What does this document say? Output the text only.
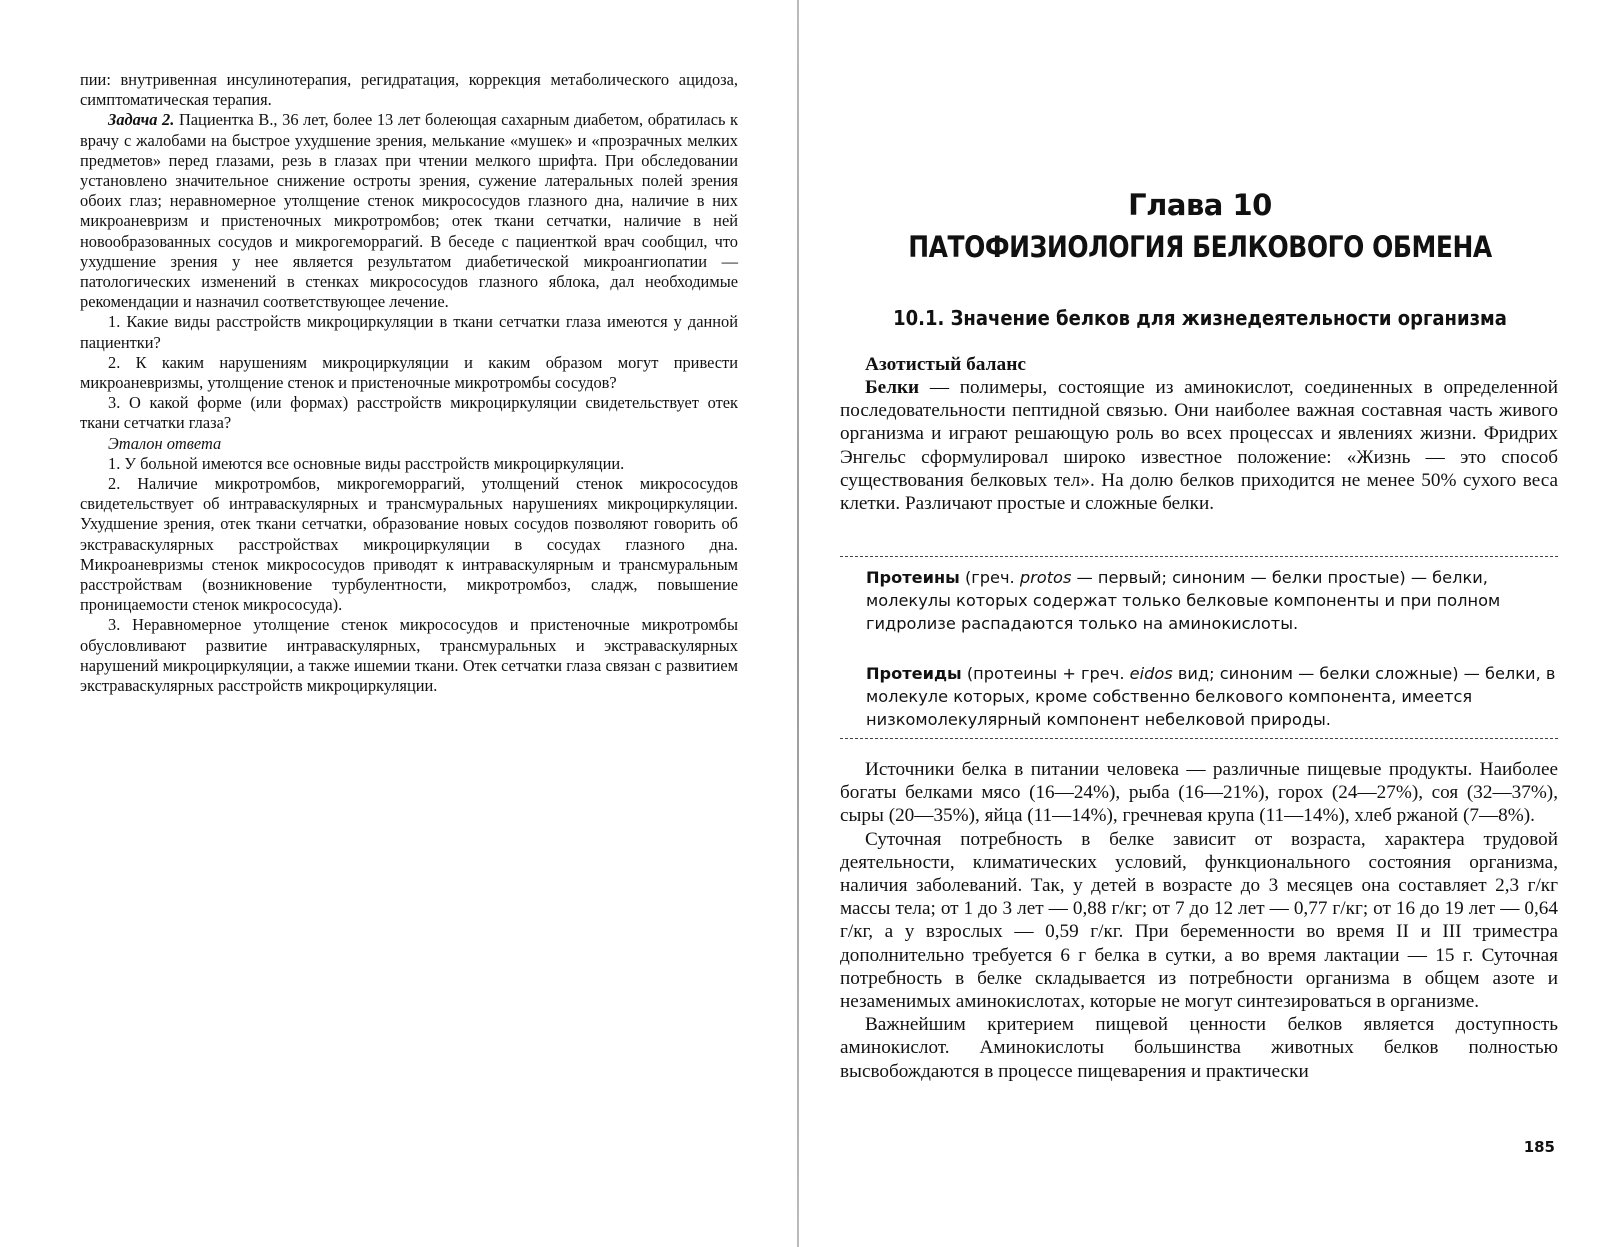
пии: внутривенная инсулинотерапия, регидратация, коррекция метаболического ацидоза, симптоматическая терапия.

Задача 2. Пациентка В., 36 лет, более 13 лет болеющая сахарным диабетом, обратилась к врачу с жалобами на быстрое ухудшение зрения, мелькание «мушек» и «прозрачных мелких предметов» перед глазами, резь в глазах при чтении мелкого шрифта. При обследовании установлено значительное снижение остроты зрения, сужение латеральных полей зрения обоих глаз; неравномерное утолщение стенок микрососудов глазного дна, наличие в них микроаневризм и пристеночных микротромбов; отек ткани сетчатки, наличие в ней новообразованных сосудов и микрогеморрагий. В беседе с пациенткой врач сообщил, что ухудшение зрения у нее является результатом диабетической микроангиопатии — патологических изменений в стенках микрососудов глазного яблока, дал необходимые рекомендации и назначил соответствующее лечение.

1. Какие виды расстройств микроциркуляции в ткани сетчатки глаза имеются у данной пациентки?

2. К каким нарушениям микроциркуляции и каким образом могут привести микроаневризмы, утолщение стенок и пристеночные микротромбы сосудов?

3. О какой форме (или формах) расстройств микроциркуляции свидетельствует отек ткани сетчатки глаза?

Эталон ответа

1. У больной имеются все основные виды расстройств микроциркуляции.

2. Наличие микротромбов, микрогеморрагий, утолщений стенок микрососудов свидетельствует об интраваскулярных и трансмуральных нарушениях микроциркуляции. Ухудшение зрения, отек ткани сетчатки, образование новых сосудов позволяют говорить об экстраваскулярных расстройствах микроциркуляции в сосудах глазного дна. Микроаневризмы стенок микрососудов приводят к интраваскулярным и трансмуральным расстройствам (возникновение турбулентности, микротромбоз, сладж, повышение проницаемости стенок микрососуда).

3. Неравномерное утолщение стенок микрососудов и пристеночные микротромбы обусловливают развитие интраваскулярных, трансмуральных и экстраваскулярных нарушений микроциркуляции, а также ишемии ткани. Отек сетчатки глаза связан с развитием экстраваскулярных расстройств микроциркуляции.

Глава 10
ПАТОФИЗИОЛОГИЯ БЕЛКОВОГО ОБМЕНА
10.1. Значение белков для жизнедеятельности организма
Азотистый баланс

Белки — полимеры, состоящие из аминокислот, соединенных в определенной последовательности пептидной связью. Они наиболее важная составная часть живого организма и играют решающую роль во всех процессах и явлениях жизни. Фридрих Энгельс сформулировал широко известное положение: «Жизнь — это способ существования белковых тел». На долю белков приходится не менее 50% сухого веса клетки. Различают простые и сложные белки.

Протеины (греч. protos — первый; синоним — белки простые) — белки, молекулы которых содержат только белковые компоненты и при полном гидролизе распадаются только на аминокислоты.
Протеиды (протеины + греч. eidos вид; синоним — белки сложные) — белки, в молекуле которых, кроме собственно белкового компонента, имеется низкомолекулярный компонент небелковой природы.

Источники белка в питании человека — различные пищевые продукты. Наиболее богаты белками мясо (16—24%), рыба (16—21%), горох (24—27%), соя (32—37%), сыры (20—35%), яйца (11—14%), гречневая крупа (11—14%), хлеб ржаной (7—8%).

Суточная потребность в белке зависит от возраста, характера трудовой деятельности, климатических условий, функционального состояния организма, наличия заболеваний. Так, у детей в возрасте до 3 месяцев она составляет 2,3 г/кг массы тела; от 1 до 3 лет — 0,88 г/кг; от 7 до 12 лет — 0,77 г/кг; от 16 до 19 лет — 0,64 г/кг, а у взрослых — 0,59 г/кг. При беременности во время II и III триместра дополнительно требуется 6 г белка в сутки, а во время лактации — 15 г. Суточная потребность в белке складывается из потребности организма в общем азоте и незаменимых аминокислотах, которые не могут синтезироваться в организме.

Важнейшим критерием пищевой ценности белков является доступность аминокислот. Аминокислоты большинства животных белков полностью высвобождаются в процессе пищеварения и практически

185
